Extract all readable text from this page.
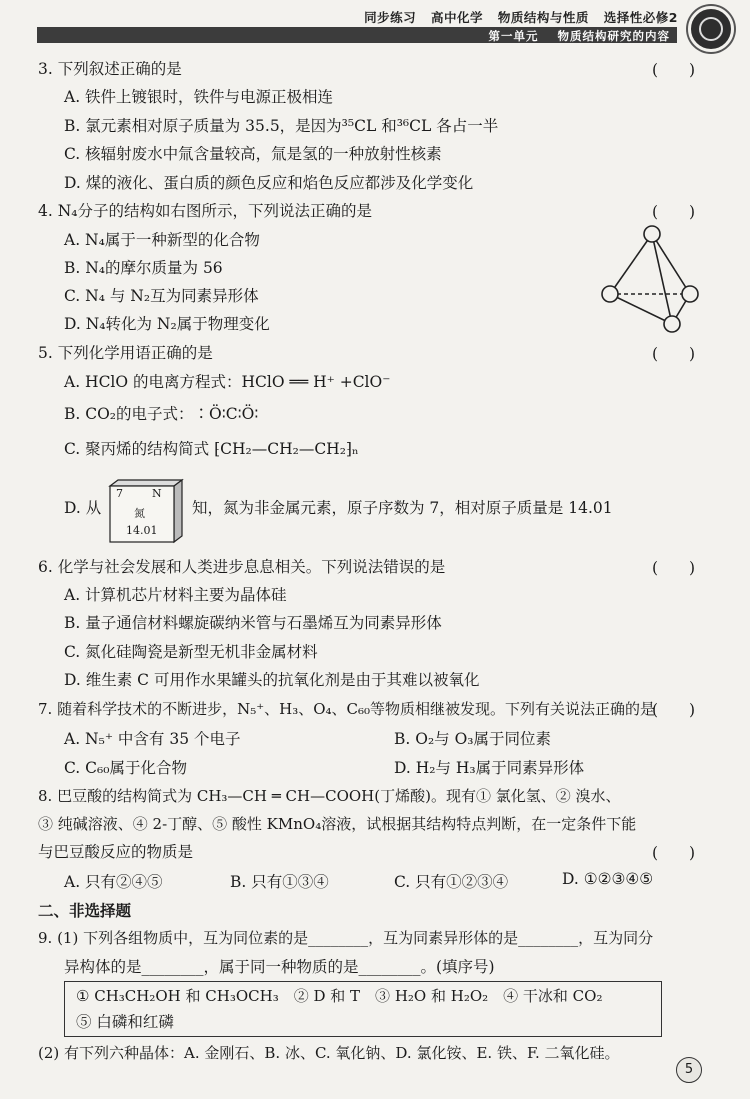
同步练习 高中化学 物质结构与性质 选择性必修2
第一单元 物质结构研究的内容
3. 下列叙述正确的是	(　　)
A. 铁件上镀银时，铁件与电源正极相连
B. 氯元素相对原子质量为 35.5，是因为³⁵CL 和³⁶CL 各占一半
C. 核辐射废水中氚含量较高，氚是氢的一种放射性核素
D. 煤的液化、蛋白质的颜色反应和焰色反应都涉及化学变化
4. N₄分子的结构如右图所示，下列说法正确的是	(　　)
A. N₄属于一种新型的化合物
B. N₄的摩尔质量为 56
C. N₄ 与 N₂互为同素异形体
D. N₄转化为 N₂属于物理变化
5. 下列化学用语正确的是	(　　)
A. HClO 的电离方程式：HClO ══ H⁺ +ClO⁻
B. CO₂的电子式：∶Ö∶C∶Ö∶
C. 聚丙烯的结构简式 ⁅CH₂—CH₂—CH₂⁆ₙ
D. 从	知，氮为非金属元素，原子序数为 7，相对原子质量是 14.01
7	N
氮
14.01
6. 化学与社会发展和人类进步息息相关。下列说法错误的是	(　　)
A. 计算机芯片材料主要为晶体硅
B. 量子通信材料螺旋碳纳米管与石墨烯互为同素异形体
C. 氮化硅陶瓷是新型无机非金属材料
D. 维生素 C 可用作水果罐头的抗氧化剂是由于其难以被氧化
7. 随着科学技术的不断进步，N₅⁺、H₃、O₄、C₆₀等物质相继被发现。下列有关说法正确的是
(　　)
A. N₅⁺ 中含有 35 个电子	B. O₂与 O₃属于同位素
C. C₆₀属于化合物	D. H₂与 H₃属于同素异形体
8. 巴豆酸的结构简式为 CH₃—CH ═ CH—COOH(丁烯酸)。现有① 氯化氢、② 溴水、
③ 纯碱溶液、④ 2-丁醇、⑤ 酸性 KMnO₄溶液，试根据其结构特点判断，在一定条件下能
与巴豆酸反应的物质是	(　　)
A. 只有②④⑤	B. 只有①③④	C. 只有①②③④	D. ①②③④⑤
二、非选择题
9. (1) 下列各组物质中，互为同位素的是________，互为同素异形体的是________，互为同分
异构体的是________，属于同一种物质的是________。(填序号)
① CH₃CH₂OH 和 CH₃OCH₃　② D 和 T　③ H₂O 和 H₂O₂　④ 干冰和 CO₂
⑤ 白磷和红磷
(2) 有下列六种晶体：A. 金刚石、B. 冰、C. 氧化钠、D. 氯化铵、E. 铁、F. 二氧化硅。
5
